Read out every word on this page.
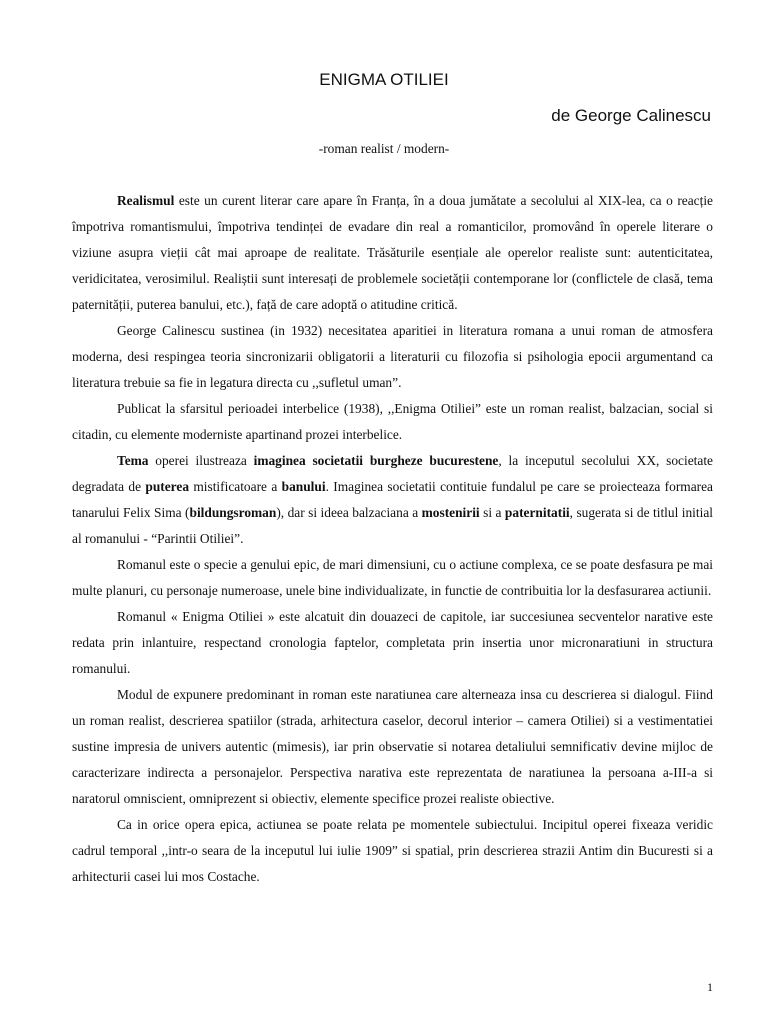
ENIGMA OTILIEI

de George Calinescu

-roman realist / modern-

Realismul este un curent literar care apare în Franța, în a doua jumătate a secolului al XIX-lea, ca o reacție împotriva romantismului, împotriva tendinței de evadare din real a romanticilor, promovând în operele literare o viziune asupra vieții cât mai aproape de realitate. Trăsăturile esențiale ale operelor realiste sunt: autenticitatea, veridicitatea, verosimilul. Realiștii sunt interesați de problemele societății contemporane lor (conflictele de clasă, tema paternității, puterea banului, etc.), față de care adoptă o atitudine critică.

George Calinescu sustinea (in 1932) necesitatea aparitiei in literatura romana a unui roman de atmosfera moderna, desi respingea teoria sincronizarii obligatorii a literaturii cu filozofia si psihologia epocii argumentand ca literatura trebuie sa fie in legatura directa cu ,,sufletul uman”.

Publicat la sfarsitul perioadei interbelice (1938), ,,Enigma Otiliei” este un roman realist, balzacian, social si citadin, cu elemente moderniste apartinand prozei interbelice.

Tema operei ilustreaza imaginea societatii burgheze bucurestene, la inceputul secolului XX, societate degradata de puterea mistificatoare a banului. Imaginea societatii contituie fundalul pe care se proiecteaza formarea tanarului Felix Sima (bildungsroman), dar si ideea balzaciana a mostenirii si a paternitatii, sugerata si de titlul initial al romanului - “Parintii Otiliei”.

Romanul este o specie a genului epic, de mari dimensiuni, cu o actiune complexa, ce se poate desfasura pe mai multe planuri, cu personaje numeroase, unele bine individualizate, in functie de contribuitia lor la desfasurarea actiunii.

Romanul « Enigma Otiliei » este alcatuit din douazeci de capitole, iar succesiunea secventelor narative este redata prin inlantuire, respectand cronologia faptelor, completata prin insertia unor micronaratiuni in structura romanului.

Modul de expunere predominant in roman este naratiunea care alterneaza insa cu descrierea si dialogul. Fiind un roman realist, descrierea spatiilor (strada, arhitectura caselor, decorul interior – camera Otiliei) si a vestimentatiei sustine impresia de univers autentic (mimesis), iar prin observatie si notarea detaliului semnificativ devine mijloc de caracterizare indirecta a personajelor. Perspectiva narativa este reprezentata de naratiunea la persoana a-III-a si naratorul omniscient, omniprezent si obiectiv, elemente specifice prozei realiste obiective.

Ca in orice opera epica, actiunea se poate relata pe momentele subiectului. Incipitul operei fixeaza veridic cadrul temporal ,,intr-o seara de la inceputul lui iulie 1909” si spatial, prin descrierea strazii Antim din Bucuresti si a arhitecturii casei lui mos Costache.

1
